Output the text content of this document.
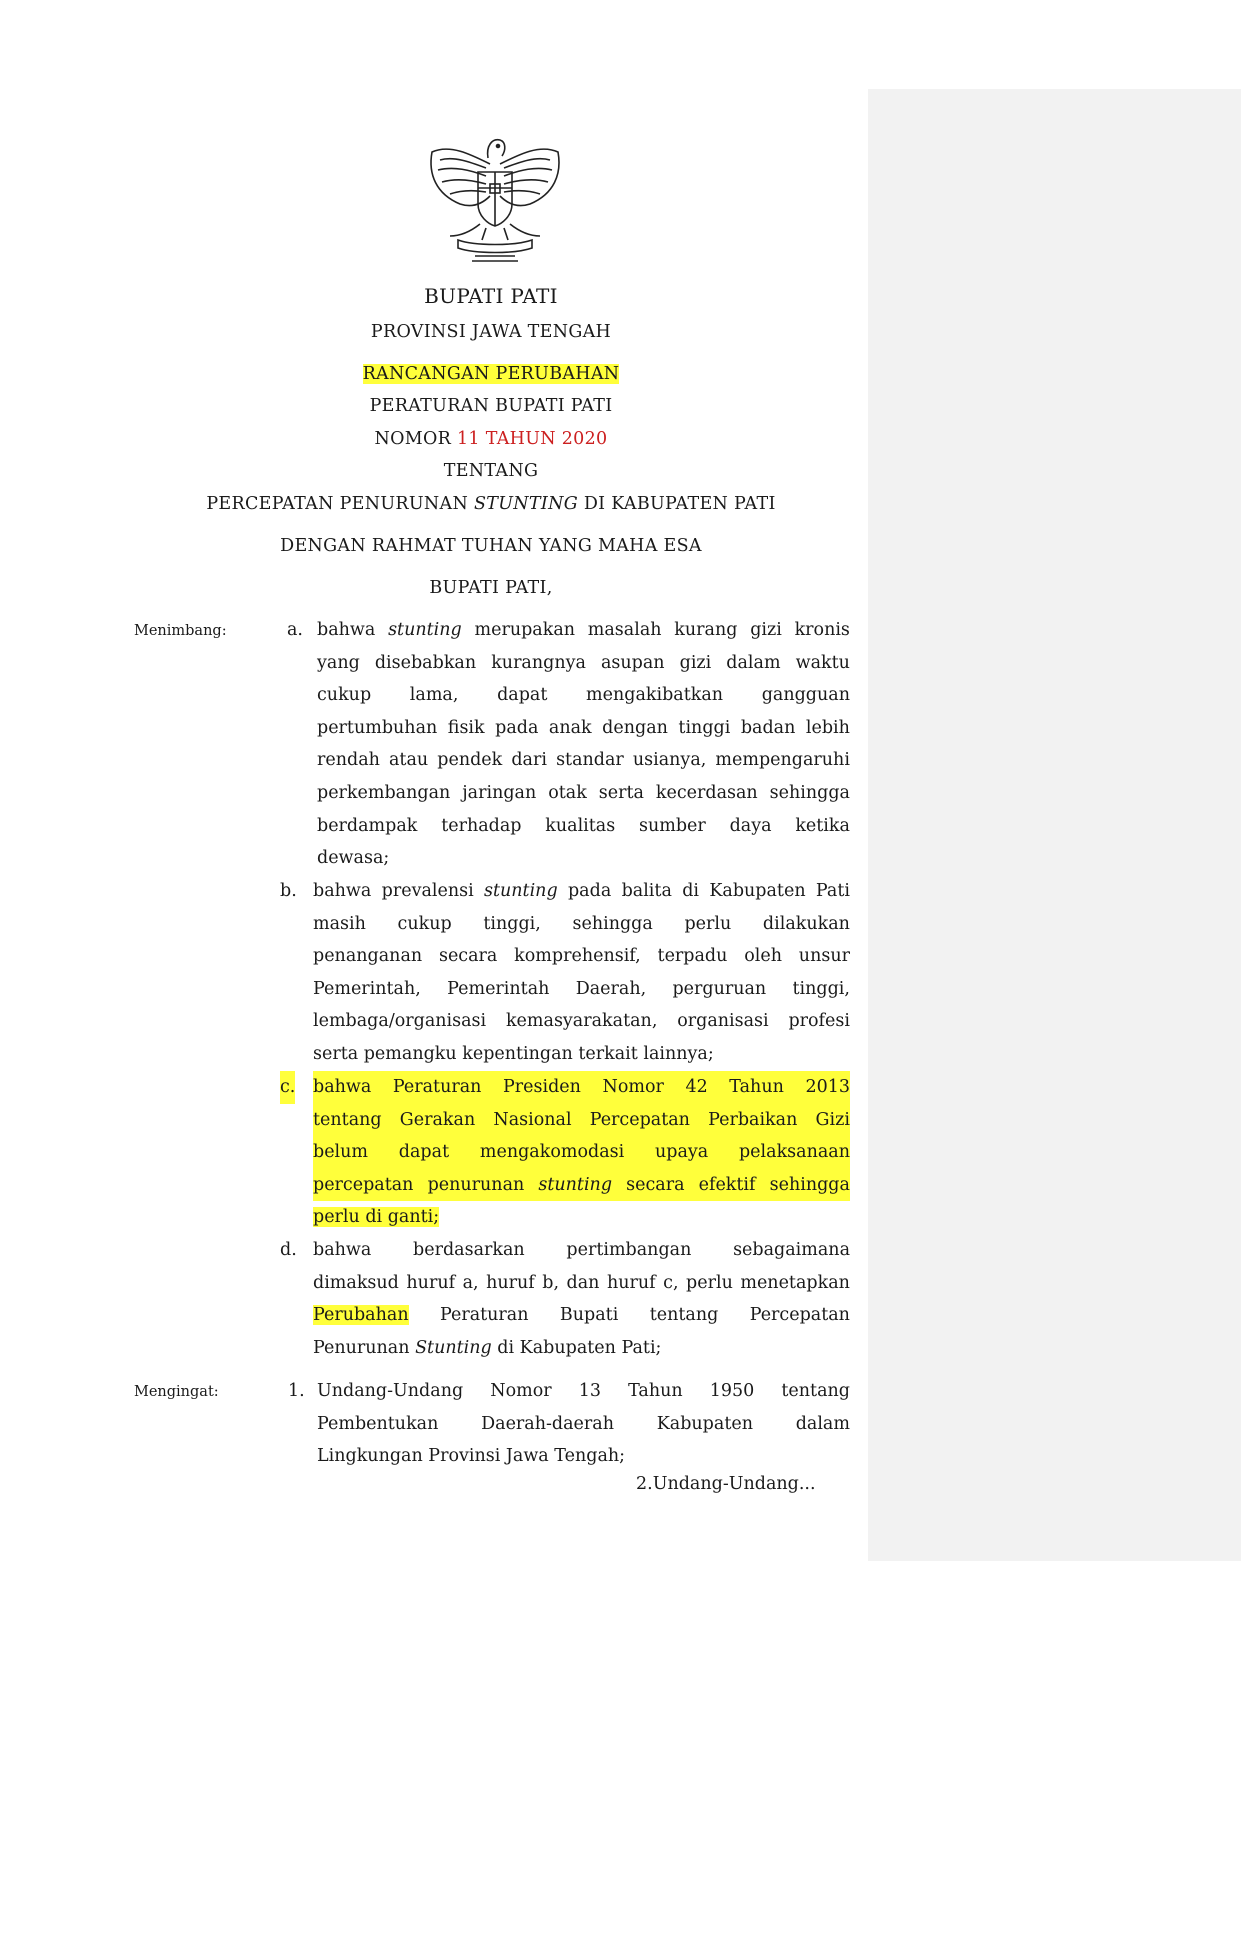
BUPATI PATI
PROVINSI JAWA TENGAH
RANCANGAN PERUBAHAN
PERATURAN BUPATI PATI
NOMOR 11 TAHUN 2020
TENTANG
PERCEPATAN PENURUNAN STUNTING DI KABUPATEN PATI
DENGAN RAHMAT TUHAN YANG MAHA ESA
BUPATI PATI,
Menimbang:
Mengingat:
a. bahwa stunting merupakan masalah kurang gizi kronis
yang disebabkan kurangnya asupan gizi dalam waktu
cukup lama, dapat mengakibatkan gangguan
pertumbuhan fisik pada anak dengan tinggi badan lebih
rendah atau pendek dari standar usianya, mempengaruhi
perkembangan jaringan otak serta kecerdasan sehingga
berdampak terhadap kualitas sumber daya ketika
dewasa;
b. bahwa prevalensi stunting pada balita di Kabupaten Pati
masih cukup tinggi, sehingga perlu dilakukan
penanganan secara komprehensif, terpadu oleh unsur
Pemerintah, Pemerintah Daerah, perguruan tinggi,
lembaga/organisasi kemasyarakatan, organisasi profesi
serta pemangku kepentingan terkait lainnya;
c. bahwa Peraturan Presiden Nomor 42 Tahun 2013
tentang Gerakan Nasional Percepatan Perbaikan Gizi
belum dapat mengakomodasi upaya pelaksanaan
percepatan penurunan stunting secara efektif sehingga
perlu di ganti;
d. bahwa berdasarkan pertimbangan sebagaimana
dimaksud huruf a, huruf b, dan huruf c, perlu menetapkan
Perubahan Peraturan Bupati tentang Percepatan
Penurunan Stunting di Kabupaten Pati;
1. Undang-Undang Nomor 13 Tahun 1950 tentang
Pembentukan Daerah-daerah Kabupaten dalam
Lingkungan Provinsi Jawa Tengah;
2.Undang-Undang...
